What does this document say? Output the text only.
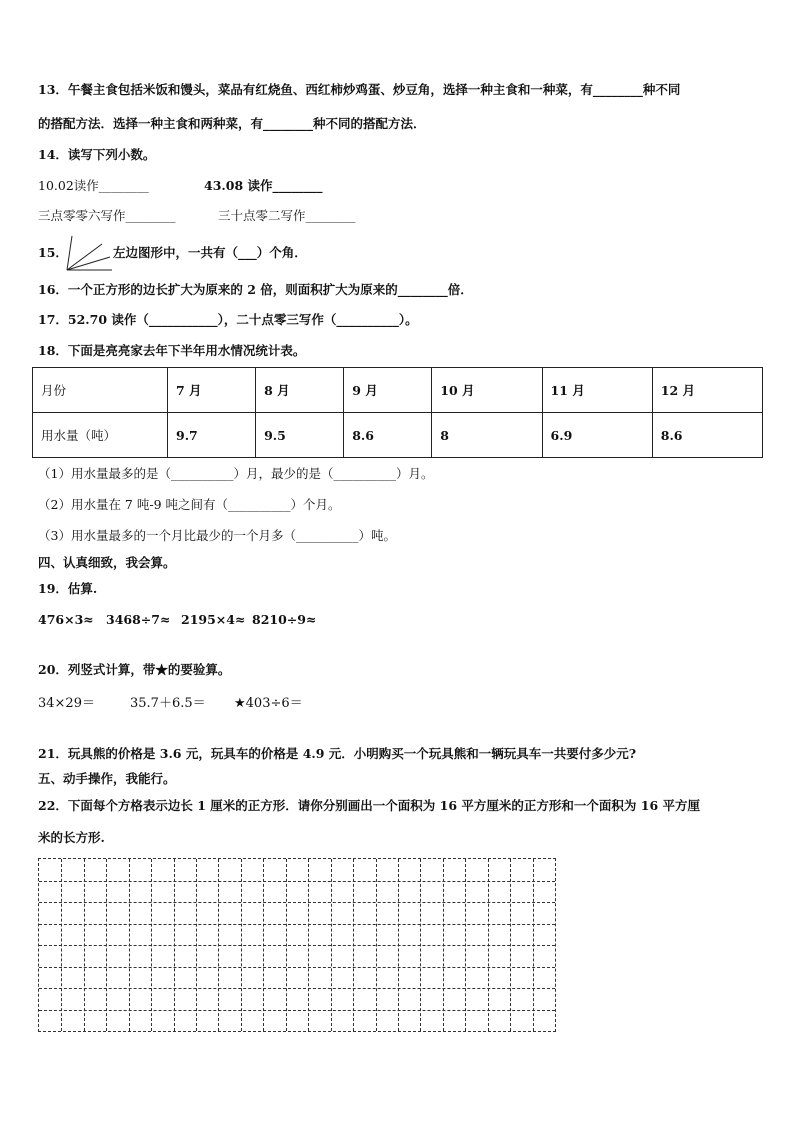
13．午餐主食包括米饭和馒头，菜品有红烧鱼、西红柿炒鸡蛋、炒豆角，选择一种主食和一种菜，有________种不同
的搭配方法．选择一种主食和两种菜，有________种不同的搭配方法．
14．读写下列小数。
10.02读作________	43.08 读作________
三点零零六写作________	三十点零二写作________
15．	左边图形中，一共有（___）个角．
16．一个正方形的边长扩大为原来的 2 倍，则面积扩大为原来的________倍．
17．52.70 读作（___________），二十点零三写作（__________）。
18．下面是亮亮家去年下半年用水情况统计表。
月份	7 月	8 月	9 月	10 月	11 月	12 月
用水量（吨）	9.7	9.5	8.6	8	6.9	8.6
（1）用水量最多的是（__________）月，最少的是（__________）月。
（2）用水量在 7 吨-9 吨之间有（__________）个月。
（3）用水量最多的一个月比最少的一个月多（__________）吨。
四、认真细致，我会算。
19．估算.
476×3≈ 3468÷7≈ 2195×4≈ 8210÷9≈
20．列竖式计算，带★的要验算。
34×29＝	35.7＋6.5＝ ★403÷6＝
21．玩具熊的价格是 3.6 元，玩具车的价格是 4.9 元．小明购买一个玩具熊和一辆玩具车一共要付多少元?
五、动手操作，我能行。
22．下面每个方格表示边长 1 厘米的正方形．请你分别画出一个面积为 16 平方厘米的正方形和一个面积为 16 平方厘
米的长方形.
